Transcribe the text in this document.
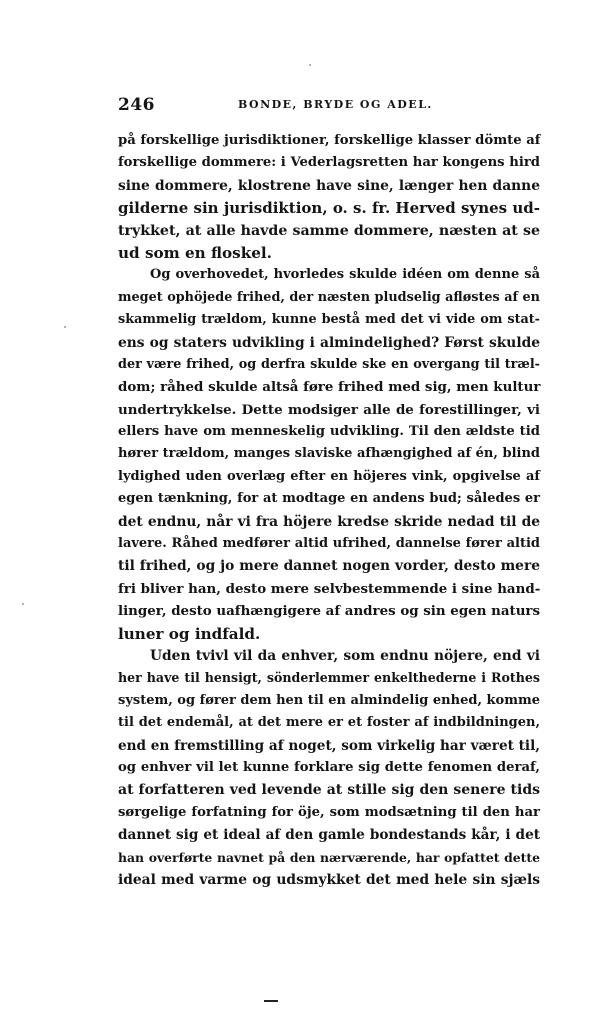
246	BONDE, BRYDE OG ADEL.
på forskellige jurisdiktioner, forskellige klasser dömte af
forskellige dommere: i Vederlagsretten har kongens hird
sine dommere, klostrene have sine, længer hen danne
gilderne sin jurisdiktion, o. s. fr. Herved synes ud-
trykket, at alle havde samme dommere, næsten at se
ud som en floskel.
Og overhovedet, hvorledes skulde idéen om denne så
meget ophöjede frihed, der næsten pludselig afløstes af en
skammelig trældom, kunne bestå med det vi vide om stat-
ens og staters udvikling i almindelighed? Først skulde
der være frihed, og derfra skulde ske en overgang til træl-
dom; råhed skulde altså føre frihed med sig, men kultur
undertrykkelse. Dette modsiger alle de forestillinger, vi
ellers have om menneskelig udvikling. Til den ældste tid
hører trældom, manges slaviske afhængighed af én, blind
lydighed uden overlæg efter en höjeres vink, opgivelse af
egen tænkning, for at modtage en andens bud; således er
det endnu, når vi fra höjere kredse skride nedad til de
lavere. Råhed medfører altid ufrihed, dannelse fører altid
til frihed, og jo mere dannet nogen vorder, desto mere
fri bliver han, desto mere selvbestemmende i sine hand-
linger, desto uafhængigere af andres og sin egen naturs
luner og indfald.
Uden tvivl vil da enhver, som endnu nöjere, end vi
her have til hensigt, sönderlemmer enkelthederne i Rothes
system, og fører dem hen til en almindelig enhed, komme
til det endemål, at det mere er et foster af indbildningen,
end en fremstilling af noget, som virkelig har været til,
og enhver vil let kunne forklare sig dette fenomen deraf,
at forfatteren ved levende at stille sig den senere tids
sørgelige forfatning for öje, som modsætning til den har
dannet sig et ideal af den gamle bondestands kår, i det
han overførte navnet på den nærværende, har opfattet dette
ideal med varme og udsmykket det med hele sin sjæls
